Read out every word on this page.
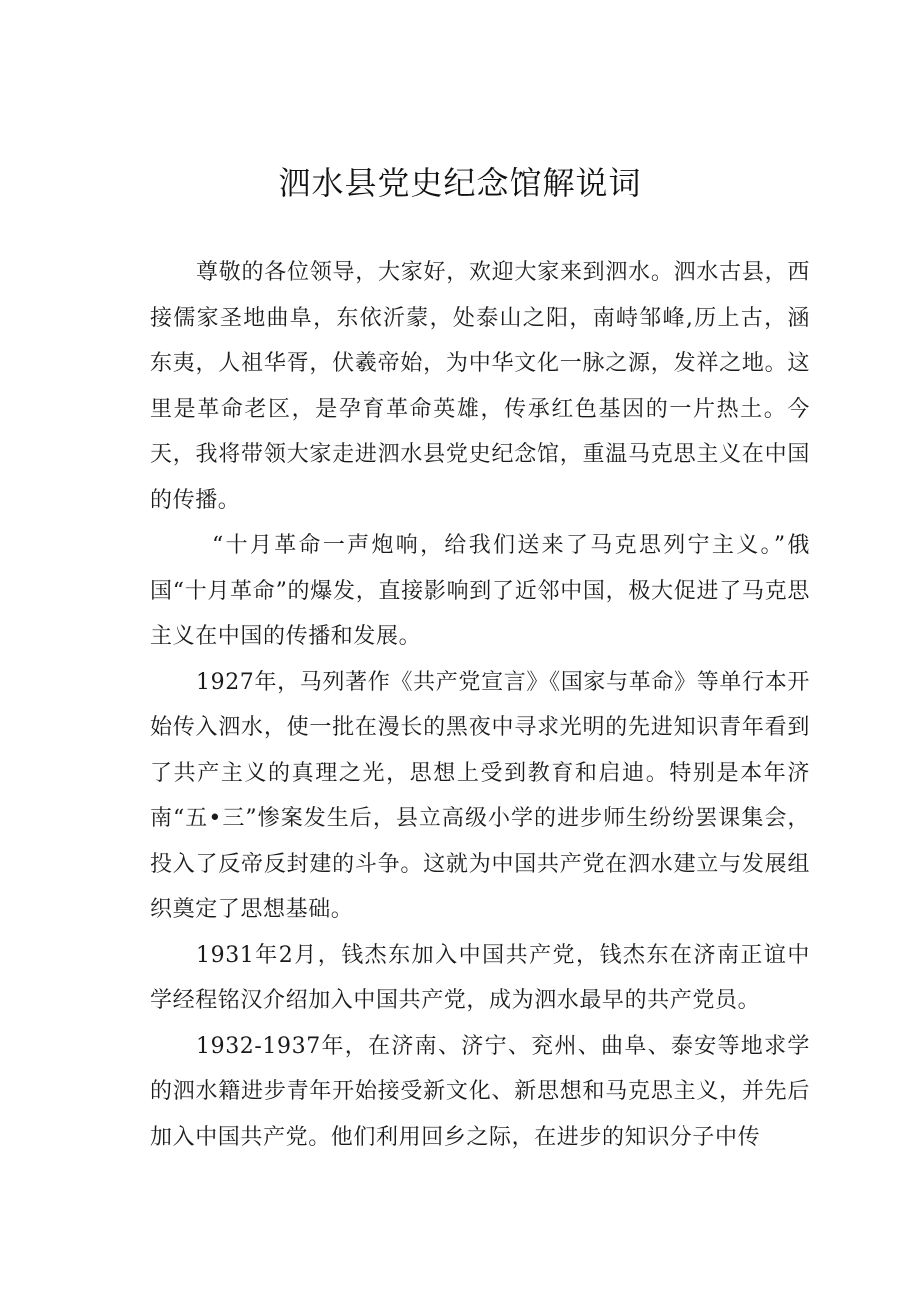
泗水县党史纪念馆解说词

尊敬的各位领导，大家好，欢迎大家来到泗水。泗水古县，西接儒家圣地曲阜，东依沂蒙，处泰山之阳，南峙邹峰,历上古，涵东夷，人祖华胥，伏羲帝始，为中华文化一脉之源，发祥之地。这里是革命老区，是孕育革命英雄，传承红色基因的一片热土。今天，我将带领大家走进泗水县党史纪念馆，重温马克思主义在中国的传播。

“十月革命一声炮响，给我们送来了马克思列宁主义。”俄国“十月革命”的爆发，直接影响到了近邻中国，极大促进了马克思主义在中国的传播和发展。

1927年，马列著作《共产党宣言》《国家与革命》等单行本开始传入泗水，使一批在漫长的黑夜中寻求光明的先进知识青年看到了共产主义的真理之光，思想上受到教育和启迪。特别是本年济南“五•三”惨案发生后，县立高级小学的进步师生纷纷罢课集会，投入了反帝反封建的斗争。这就为中国共产党在泗水建立与发展组织奠定了思想基础。

1931年2月，钱杰东加入中国共产党，钱杰东在济南正谊中学经程铭汉介绍加入中国共产党，成为泗水最早的共产党员。

1932-1937年，在济南、济宁、兖州、曲阜、泰安等地求学的泗水籍进步青年开始接受新文化、新思想和马克思主义，并先后加入中国共产党。他们利用回乡之际，在进步的知识分子中传
